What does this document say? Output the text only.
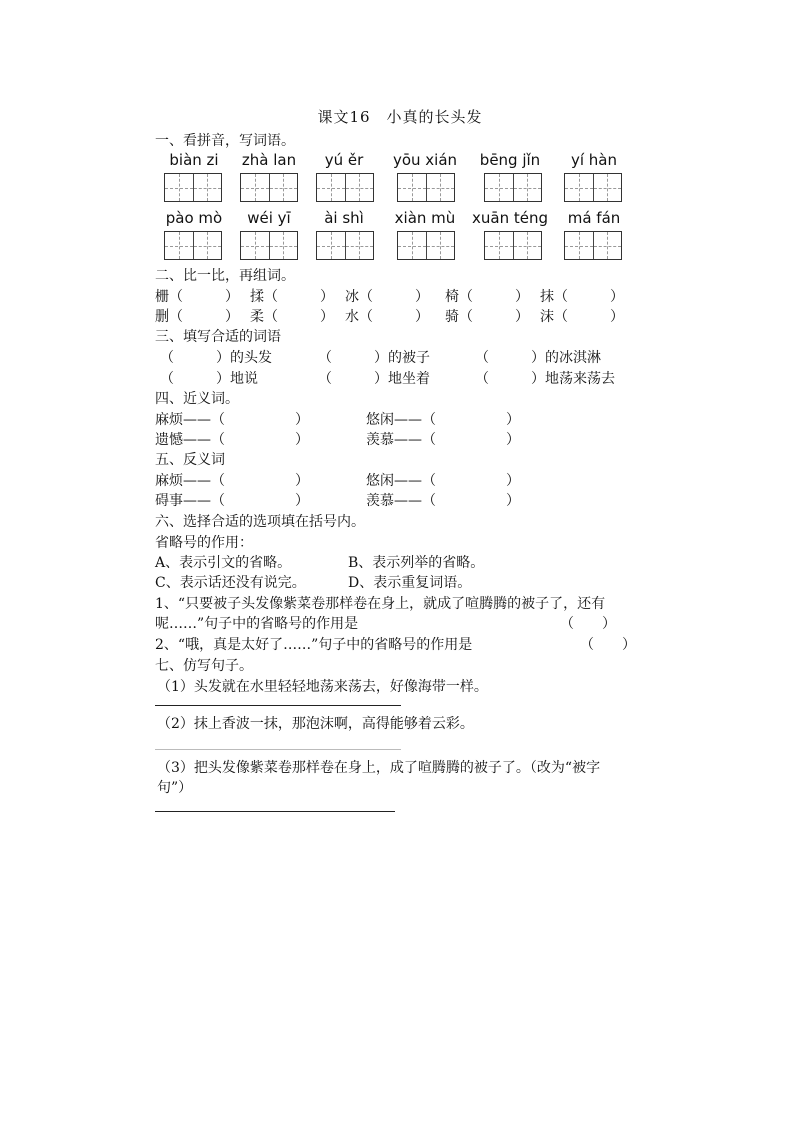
课文16　小真的长头发
一、看拼音，写词语。
biàn zi	zhà lan	yú ěr	yōu xián	bēng jǐn	yí hàn
pào mò	wéi yī	ài shì	xiàn mù	xuān téng	má fán
二、比一比，再组词。
栅（　　　） 揉（　　　） 冰（　　　） 椅（　　　） 抹（　　　）
删（　　　） 柔（　　　） 水（　　　） 骑（　　　） 沫（　　　）
三、填写合适的词语
（　　　）的头发	（　　　）的被子	（　　　）的冰淇淋
（　　　）地说	（　　　）地坐着	（　　　）地荡来荡去
四、近义词。
麻烦——（　　　　　）	悠闲——（　　　　　）
遗憾——（　　　　　）	羡慕——（　　　　　）
五、反义词
麻烦——（　　　　　）	悠闲——（　　　　　）
碍事——（　　　　　）	羡慕——（　　　　　）
六、选择合适的选项填在括号内。
省略号的作用：
A、表示引文的省略。	B、表示列举的省略。
C、表示话还没有说完。	D、表示重复词语。
1、“只要被子头发像紫菜卷那样卷在身上，就成了喧腾腾的被子了，还有
呢……”句子中的省略号的作用是	（　　）
2、“哦，真是太好了……”句子中的省略号的作用是	（　　）
七、仿写句子。
（1）头发就在水里轻轻地荡来荡去，好像海带一样。
（2）抹上香波一抹，那泡沫啊，高得能够着云彩。
（3）把头发像紫菜卷那样卷在身上，成了喧腾腾的被子了。（改为“被字
句”）
